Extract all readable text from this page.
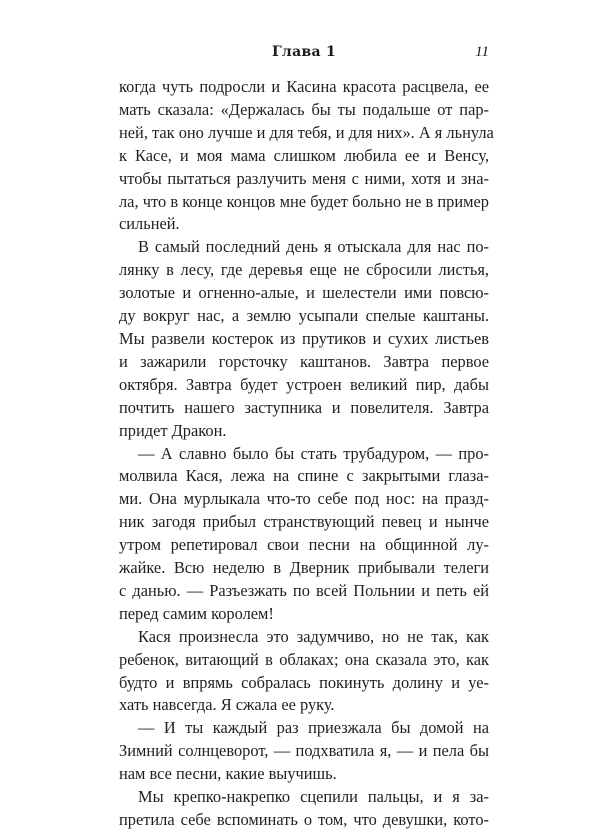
Глава 1	11
когда чуть подросли и Касина красота расцвела, ее
мать сказала: «Держалась бы ты подальше от пар-
ней, так оно лучше и для тебя, и для них». А я льнула
к Касе, и моя мама слишком любила ее и Венсу,
чтобы пытаться разлучить меня с ними, хотя и зна-
ла, что в конце концов мне будет больно не в пример
сильней.
В самый последний день я отыскала для нас по-
лянку в лесу, где деревья еще не сбросили листья,
золотые и огненно-алые, и шелестели ими повсю-
ду вокруг нас, а землю усыпали спелые каштаны.
Мы развели костерок из прутиков и сухих листьев
и зажарили горсточку каштанов. Завтра первое
октября. Завтра будет устроен великий пир, дабы
почтить нашего заступника и повелителя. Завтра
придет Дракон.
— А славно было бы стать трубадуром, — про-
молвила Кася, лежа на спине с закрытыми глаза-
ми. Она мурлыкала что-то себе под нос: на празд-
ник загодя прибыл странствующий певец и нынче
утром репетировал свои песни на общинной лу-
жайке. Всю неделю в Дверник прибывали телеги
с данью. — Разъезжать по всей Польнии и петь ей
перед самим королем!
Кася произнесла это задумчиво, но не так, как
ребенок, витающий в облаках; она сказала это, как
будто и впрямь собралась покинуть долину и уе-
хать навсегда. Я сжала ее руку.
— И ты каждый раз приезжала бы домой на
Зимний солнцеворот, — подхватила я, — и пела бы
нам все песни, какие выучишь.
Мы крепко-накрепко сцепили пальцы, и я за-
претила себе вспоминать о том, что девушки, кото-
